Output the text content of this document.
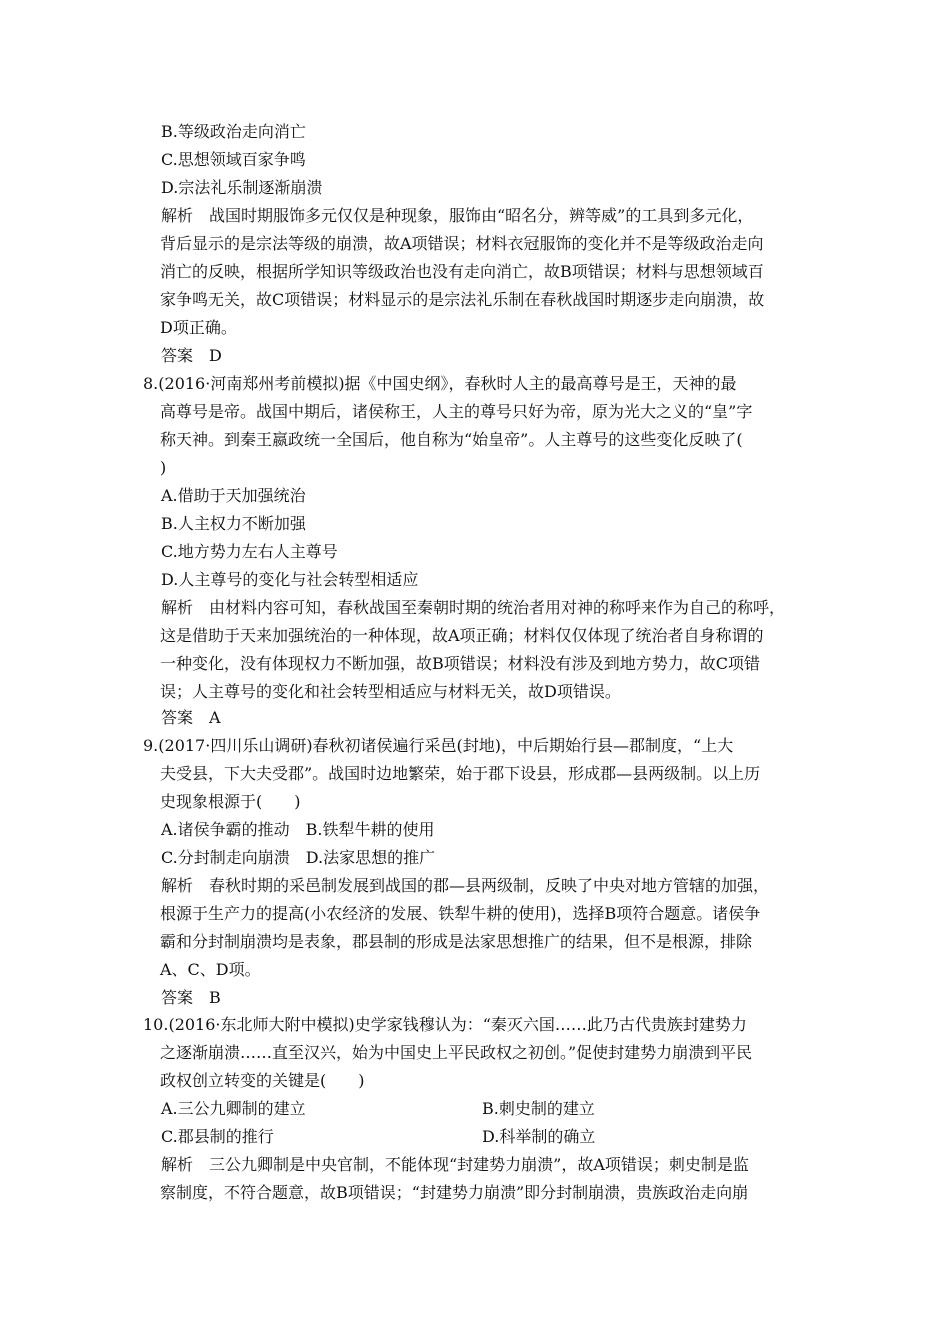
B.等级政治走向消亡
C.思想领域百家争鸣
D.宗法礼乐制逐渐崩溃
解析　战国时期服饰多元仅仅是种现象，服饰由“昭名分，辨等威”的工具到多元化，
背后显示的是宗法等级的崩溃，故A项错误；材料衣冠服饰的变化并不是等级政治走向
消亡的反映，根据所学知识等级政治也没有走向消亡，故B项错误；材料与思想领域百
家争鸣无关，故C项错误；材料显示的是宗法礼乐制在春秋战国时期逐步走向崩溃，故
D项正确。
答案　D
8.(2016·河南郑州考前模拟)据《中国史纲》，春秋时人主的最高尊号是王，天神的最
高尊号是帝。战国中期后，诸侯称王，人主的尊号只好为帝，原为光大之义的“皇”字
称天神。到秦王嬴政统一全国后，他自称为“始皇帝”。人主尊号的这些变化反映了(
)
A.借助于天加强统治
B.人主权力不断加强
C.地方势力左右人主尊号
D.人主尊号的变化与社会转型相适应
解析　由材料内容可知，春秋战国至秦朝时期的统治者用对神的称呼来作为自己的称呼，
这是借助于天来加强统治的一种体现，故A项正确；材料仅仅体现了统治者自身称谓的
一种变化，没有体现权力不断加强，故B项错误；材料没有涉及到地方势力，故C项错
误；人主尊号的变化和社会转型相适应与材料无关，故D项错误。
答案　A
9.(2017·四川乐山调研)春秋初诸侯遍行采邑(封地)，中后期始行县—郡制度，“上大
夫受县，下大夫受郡”。战国时边地繁荣，始于郡下设县，形成郡—县两级制。以上历
史现象根源于(　　)
A.诸侯争霸的推动　B.铁犁牛耕的使用
C.分封制走向崩溃　D.法家思想的推广
解析　春秋时期的采邑制发展到战国的郡—县两级制，反映了中央对地方管辖的加强，
根源于生产力的提高(小农经济的发展、铁犁牛耕的使用)，选择B项符合题意。诸侯争
霸和分封制崩溃均是表象，郡县制的形成是法家思想推广的结果，但不是根源，排除
A、C、D项。
答案　B
10.(2016·东北师大附中模拟)史学家钱穆认为：“秦灭六国……此乃古代贵族封建势力
之逐渐崩溃……直至汉兴，始为中国史上平民政权之初创。”促使封建势力崩溃到平民
政权创立转变的关键是(　　)
A.三公九卿制的建立	B.刺史制的建立
C.郡县制的推行	D.科举制的确立
解析　三公九卿制是中央官制，不能体现“封建势力崩溃”，故A项错误；刺史制是监
察制度，不符合题意，故B项错误；“封建势力崩溃”即分封制崩溃，贵族政治走向崩
